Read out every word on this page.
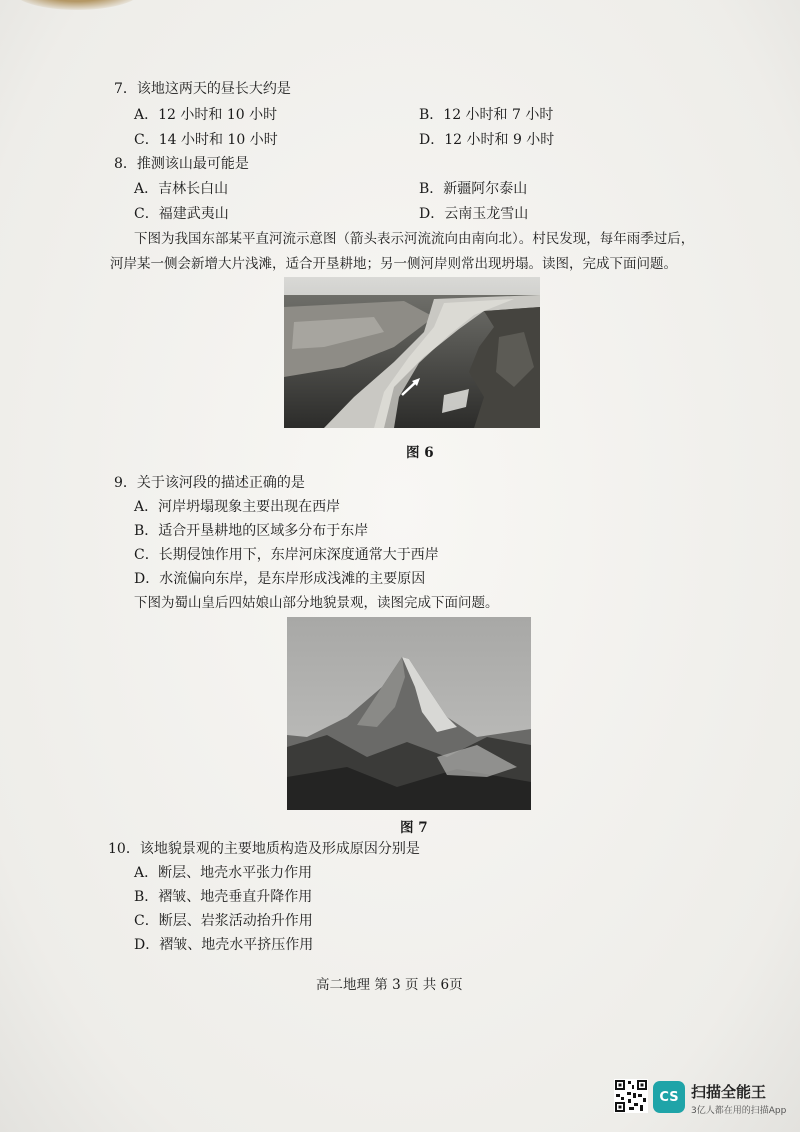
7．该地这两天的昼长大约是
A．12 小时和 10 小时	B．12 小时和 7 小时
C．14 小时和 10 小时	D．12 小时和 9 小时
8．推测该山最可能是
A．吉林长白山	B．新疆阿尔泰山
C．福建武夷山	D．云南玉龙雪山
下图为我国东部某平直河流示意图（箭头表示河流流向由南向北）。村民发现，每年雨季过后，
河岸某一侧会新增大片浅滩，适合开垦耕地；另一侧河岸则常出现坍塌。读图，完成下面问题。
图 6
9．关于该河段的描述正确的是
A．河岸坍塌现象主要出现在西岸
B．适合开垦耕地的区域多分布于东岸
C．长期侵蚀作用下，东岸河床深度通常大于西岸
D．水流偏向东岸，是东岸形成浅滩的主要原因
下图为蜀山皇后四姑娘山部分地貌景观，读图完成下面问题。
图 7
10．该地貌景观的主要地质构造及形成原因分别是
A．断层、地壳水平张力作用
B．褶皱、地壳垂直升降作用
C．断层、岩浆活动抬升作用
D．褶皱、地壳水平挤压作用
高二地理 第 3 页 共 6页
CS 扫描全能王
3亿人都在用的扫描App
